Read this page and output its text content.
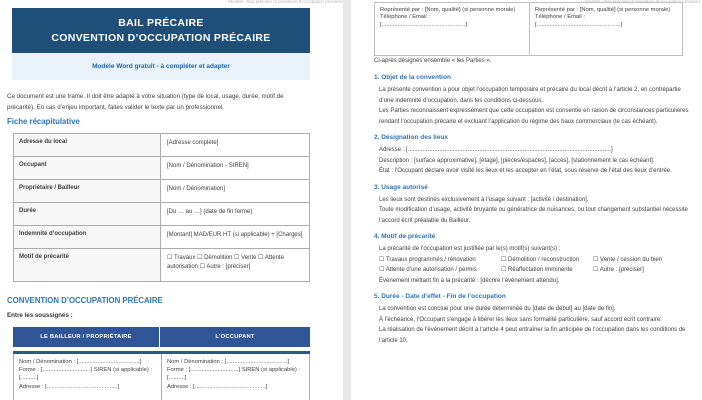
Modèle - Bail précaire (Convention d’occupation précaire)
BAIL PRÉCAIRE
CONVENTION D’OCCUPATION PRÉCAIRE
Modèle Word gratuit - à compléter et adapter
Ce document est une trame. Il doit être adapté à votre situation (type de local, usage, durée, motif de précarité). En cas d’enjeu important, faites valider le texte par un professionnel.
Fiche récapitulative
Adresse du local	[Adresse complète]
Occupant	[Nom / Dénomination - SIREN]
Propriétaire / Bailleur	[Nom / Dénomination]
Durée	[Du … au …] (date de fin ferme)
Indemnité d’occupation	[Montant] MAD/EUR HT (si applicable) + [Charges]
Motif de précarité	☐ Travaux ☐ Démolition ☐ Vente ☐ Attente autorisation ☐ Autre : [préciser]
CONVENTION D’OCCUPATION PRÉCAIRE
Entre les soussignés :
LE BAILLEUR / PROPRIÉTAIRE	L’OCCUPANT
Nom / Dénomination : [......................................]
Forme : [..............................] SIREN (si applicable) : [..........]
Adresse : [............................................]
Nom / Dénomination : [......................................]
Forme : [..............................] SIREN (si applicable) : [..........]
Adresse : [............................................]
Modèle - Bail précaire (Convention d’occupation précaire)
Représenté par : [Nom, qualité] (si personne morale)
Téléphone / Email :
[....................................................]
Représenté par : [Nom, qualité] (si personne morale)
Téléphone / Email :
[....................................................]
Ci-après désignés ensemble « les Parties ».
1. Objet de la convention

La présente convention a pour objet l’occupation temporaire et précaire du local décrit à l’article 2, en contrepartie d’une indemnité d’occupation, dans les conditions ci-dessous.

Les Parties reconnaissent expressément que cette occupation est consentie en raison de circonstances particulières rendant l’occupation précaire et excluant l’application du régime des baux commerciaux (le cas échéant).

2. Désignation des lieux

Adresse : [..........................................................................................................................]

Description : [surface approximative], [étage], [pièces/espaces], [accès], [stationnement le cas échéant].

État : l’Occupant déclare avoir visité les lieux et les accepter en l’état, sous réserve de l’état des lieux d’entrée.

3. Usage autorisé

Les lieux sont destinés exclusivement à l’usage suivant : [activité / destination].

Toute modification d’usage, activité bruyante ou génératrice de nuisances, ou tout changement substantiel nécessite l’accord écrit préalable du Bailleur.

4. Motif de précarité

La précarité de l’occupation est justifiée par le(s) motif(s) suivant(s) :

☐ Travaux programmés / rénovation	☐ Démolition / reconstruction	☐ Vente / cession du bien
☐ Attente d’une autorisation / permis	☐ Réaffectation imminente	☐ Autre : [préciser]

Événement mettant fin à la précarité : [décrire l’événement attendu].

5. Durée - Date d’effet - Fin de l’occupation

La convention est conclue pour une durée déterminée du [date de début] au [date de fin].

À l’échéance, l’Occupant s’engage à libérer les lieux sans formalité particulière, sauf accord écrit contraire.

La réalisation de l’événement décrit à l’article 4 peut entraîner la fin anticipée de l’occupation dans les conditions de l’article 10.
